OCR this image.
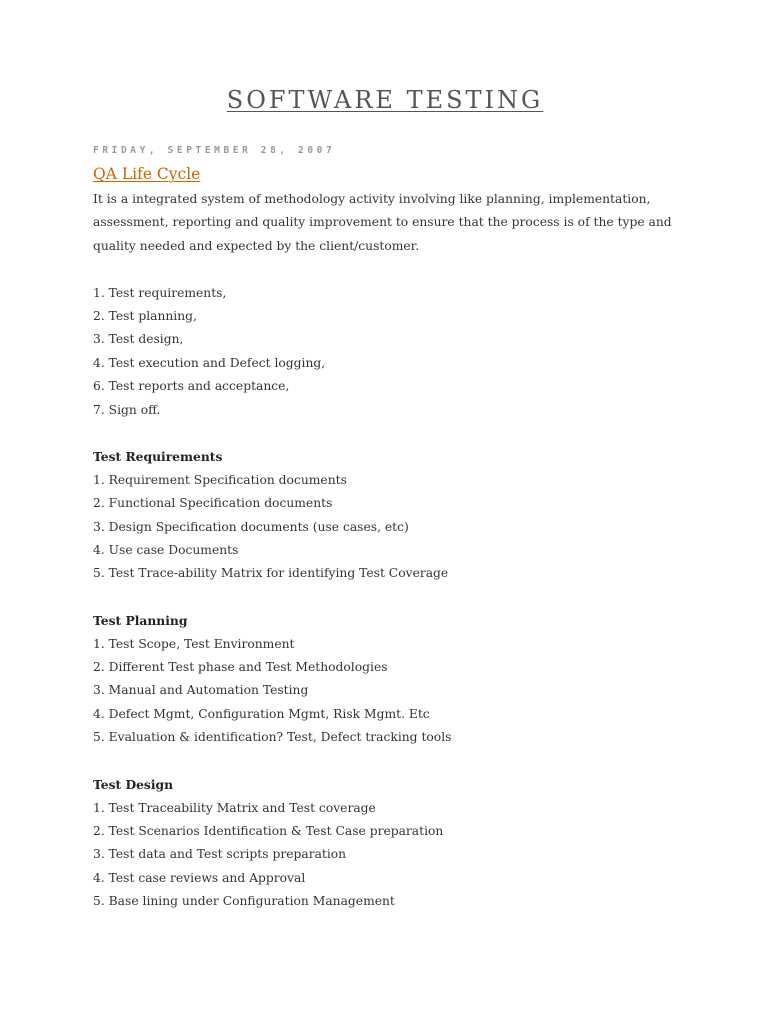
SOFTWARE TESTING
FRIDAY, SEPTEMBER 28, 2007
QA Life Cycle

It is a integrated system of methodology activity involving like planning, implementation, assessment, reporting and quality improvement to ensure that the process is of the type and quality needed and expected by the client/customer.

1. Test requirements,

2. Test planning,

3. Test design,

4. Test execution and Defect logging,

6. Test reports and acceptance,

7. Sign off.

Test Requirements

1. Requirement Specification documents

2. Functional Specification documents

3. Design Specification documents (use cases, etc)

4. Use case Documents

5. Test Trace-ability Matrix for identifying Test Coverage

Test Planning

1. Test Scope, Test Environment

2. Different Test phase and Test Methodologies

3. Manual and Automation Testing

4. Defect Mgmt, Configuration Mgmt, Risk Mgmt. Etc

5. Evaluation & identification? Test, Defect tracking tools

Test Design

1. Test Traceability Matrix and Test coverage

2. Test Scenarios Identification & Test Case preparation

3. Test data and Test scripts preparation

4. Test case reviews and Approval

5. Base lining under Configuration Management
